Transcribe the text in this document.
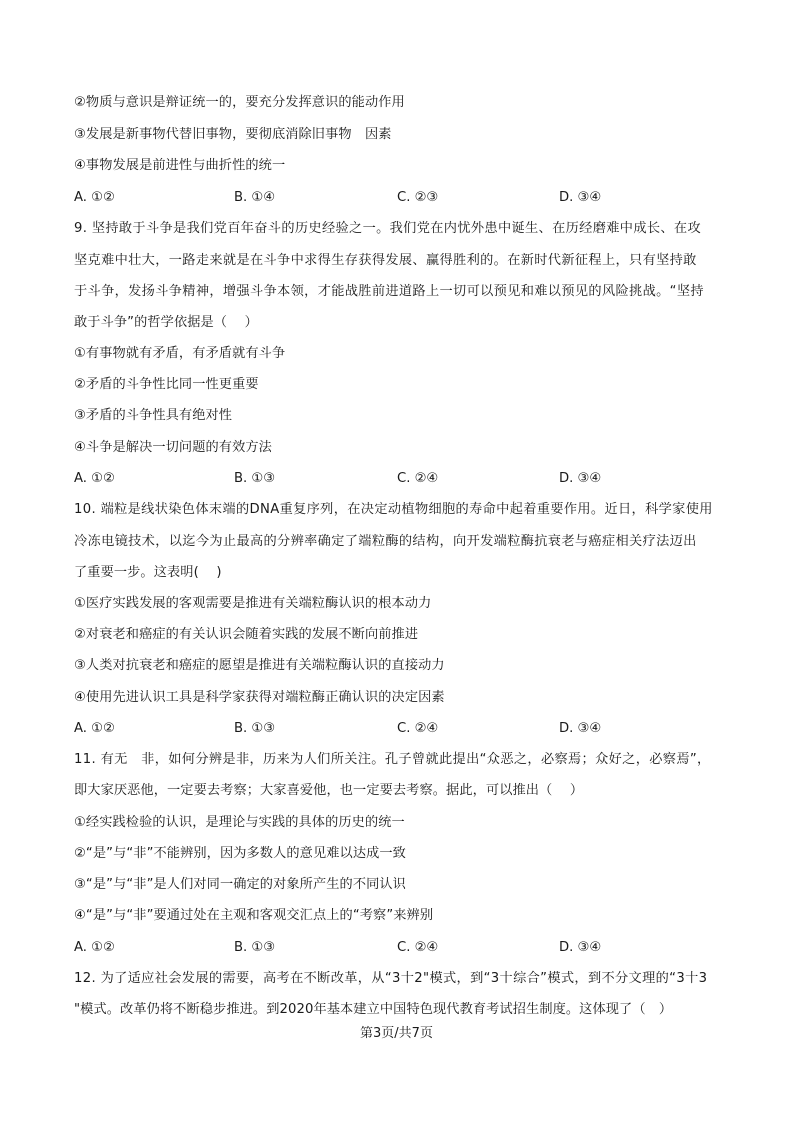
②物质与意识是辩证统一的，要充分发挥意识的能动作用
③发展是新事物代替旧事物，要彻底消除旧事物　因素
④事物发展是前进性与曲折性的统一
A. ①②	B. ①④	C. ②③	D. ③④
9. 坚持敢于斗争是我们党百年奋斗的历史经验之一。我们党在内忧外患中诞生、在历经磨难中成长、在攻
坚克难中壮大，一路走来就是在斗争中求得生存获得发展、赢得胜利的。在新时代新征程上，只有坚持敢
于斗争，发扬斗争精神，增强斗争本领，才能战胜前进道路上一切可以预见和难以预见的风险挑战。“坚持
敢于斗争”的哲学依据是（　 ）
①有事物就有矛盾，有矛盾就有斗争
②矛盾的斗争性比同一性更重要
③矛盾的斗争性具有绝对性
④斗争是解决一切问题的有效方法
A. ①②	B. ①③	C. ②④	D. ③④
10. 端粒是线状染色体末端的DNA重复序列，在决定动植物细胞的寿命中起着重要作用。近日，科学家使用
冷冻电镜技术，以迄今为止最高的分辨率确定了端粒酶的结构，向开发端粒酶抗衰老与癌症相关疗法迈出
了重要一步。这表明(　 )
①医疗实践发展的客观需要是推进有关端粒酶认识的根本动力
②对衰老和癌症的有关认识会随着实践的发展不断向前推进
③人类对抗衰老和癌症的愿望是推进有关端粒酶认识的直接动力
④使用先进认识工具是科学家获得对端粒酶正确认识的决定因素
A. ①②	B. ①③	C. ②④	D. ③④
11. 有无　非，如何分辨是非，历来为人们所关注。孔子曾就此提出“众恶之，必察焉；众好之，必察焉”，
即大家厌恶他，一定要去考察；大家喜爱他，也一定要去考察。据此，可以推出（　 ）
①经实践检验的认识，是理论与实践的具体的历史的统一
②“是”与“非”不能辨别，因为多数人的意见难以达成一致
③“是”与“非”是人们对同一确定的对象所产生的不同认识
④“是”与“非”要通过处在主观和客观交汇点上的“考察”来辨别
A. ①②	B. ①③	C. ②④	D. ③④
12. 为了适应社会发展的需要，高考在不断改革，从“3十2"模式，到“3十综合”模式，到不分文理的“3十3
"模式。改革仍将不断稳步推进。到2020年基本建立中国特色现代教育考试招生制度。这体现了（　）
第3页/共7页
